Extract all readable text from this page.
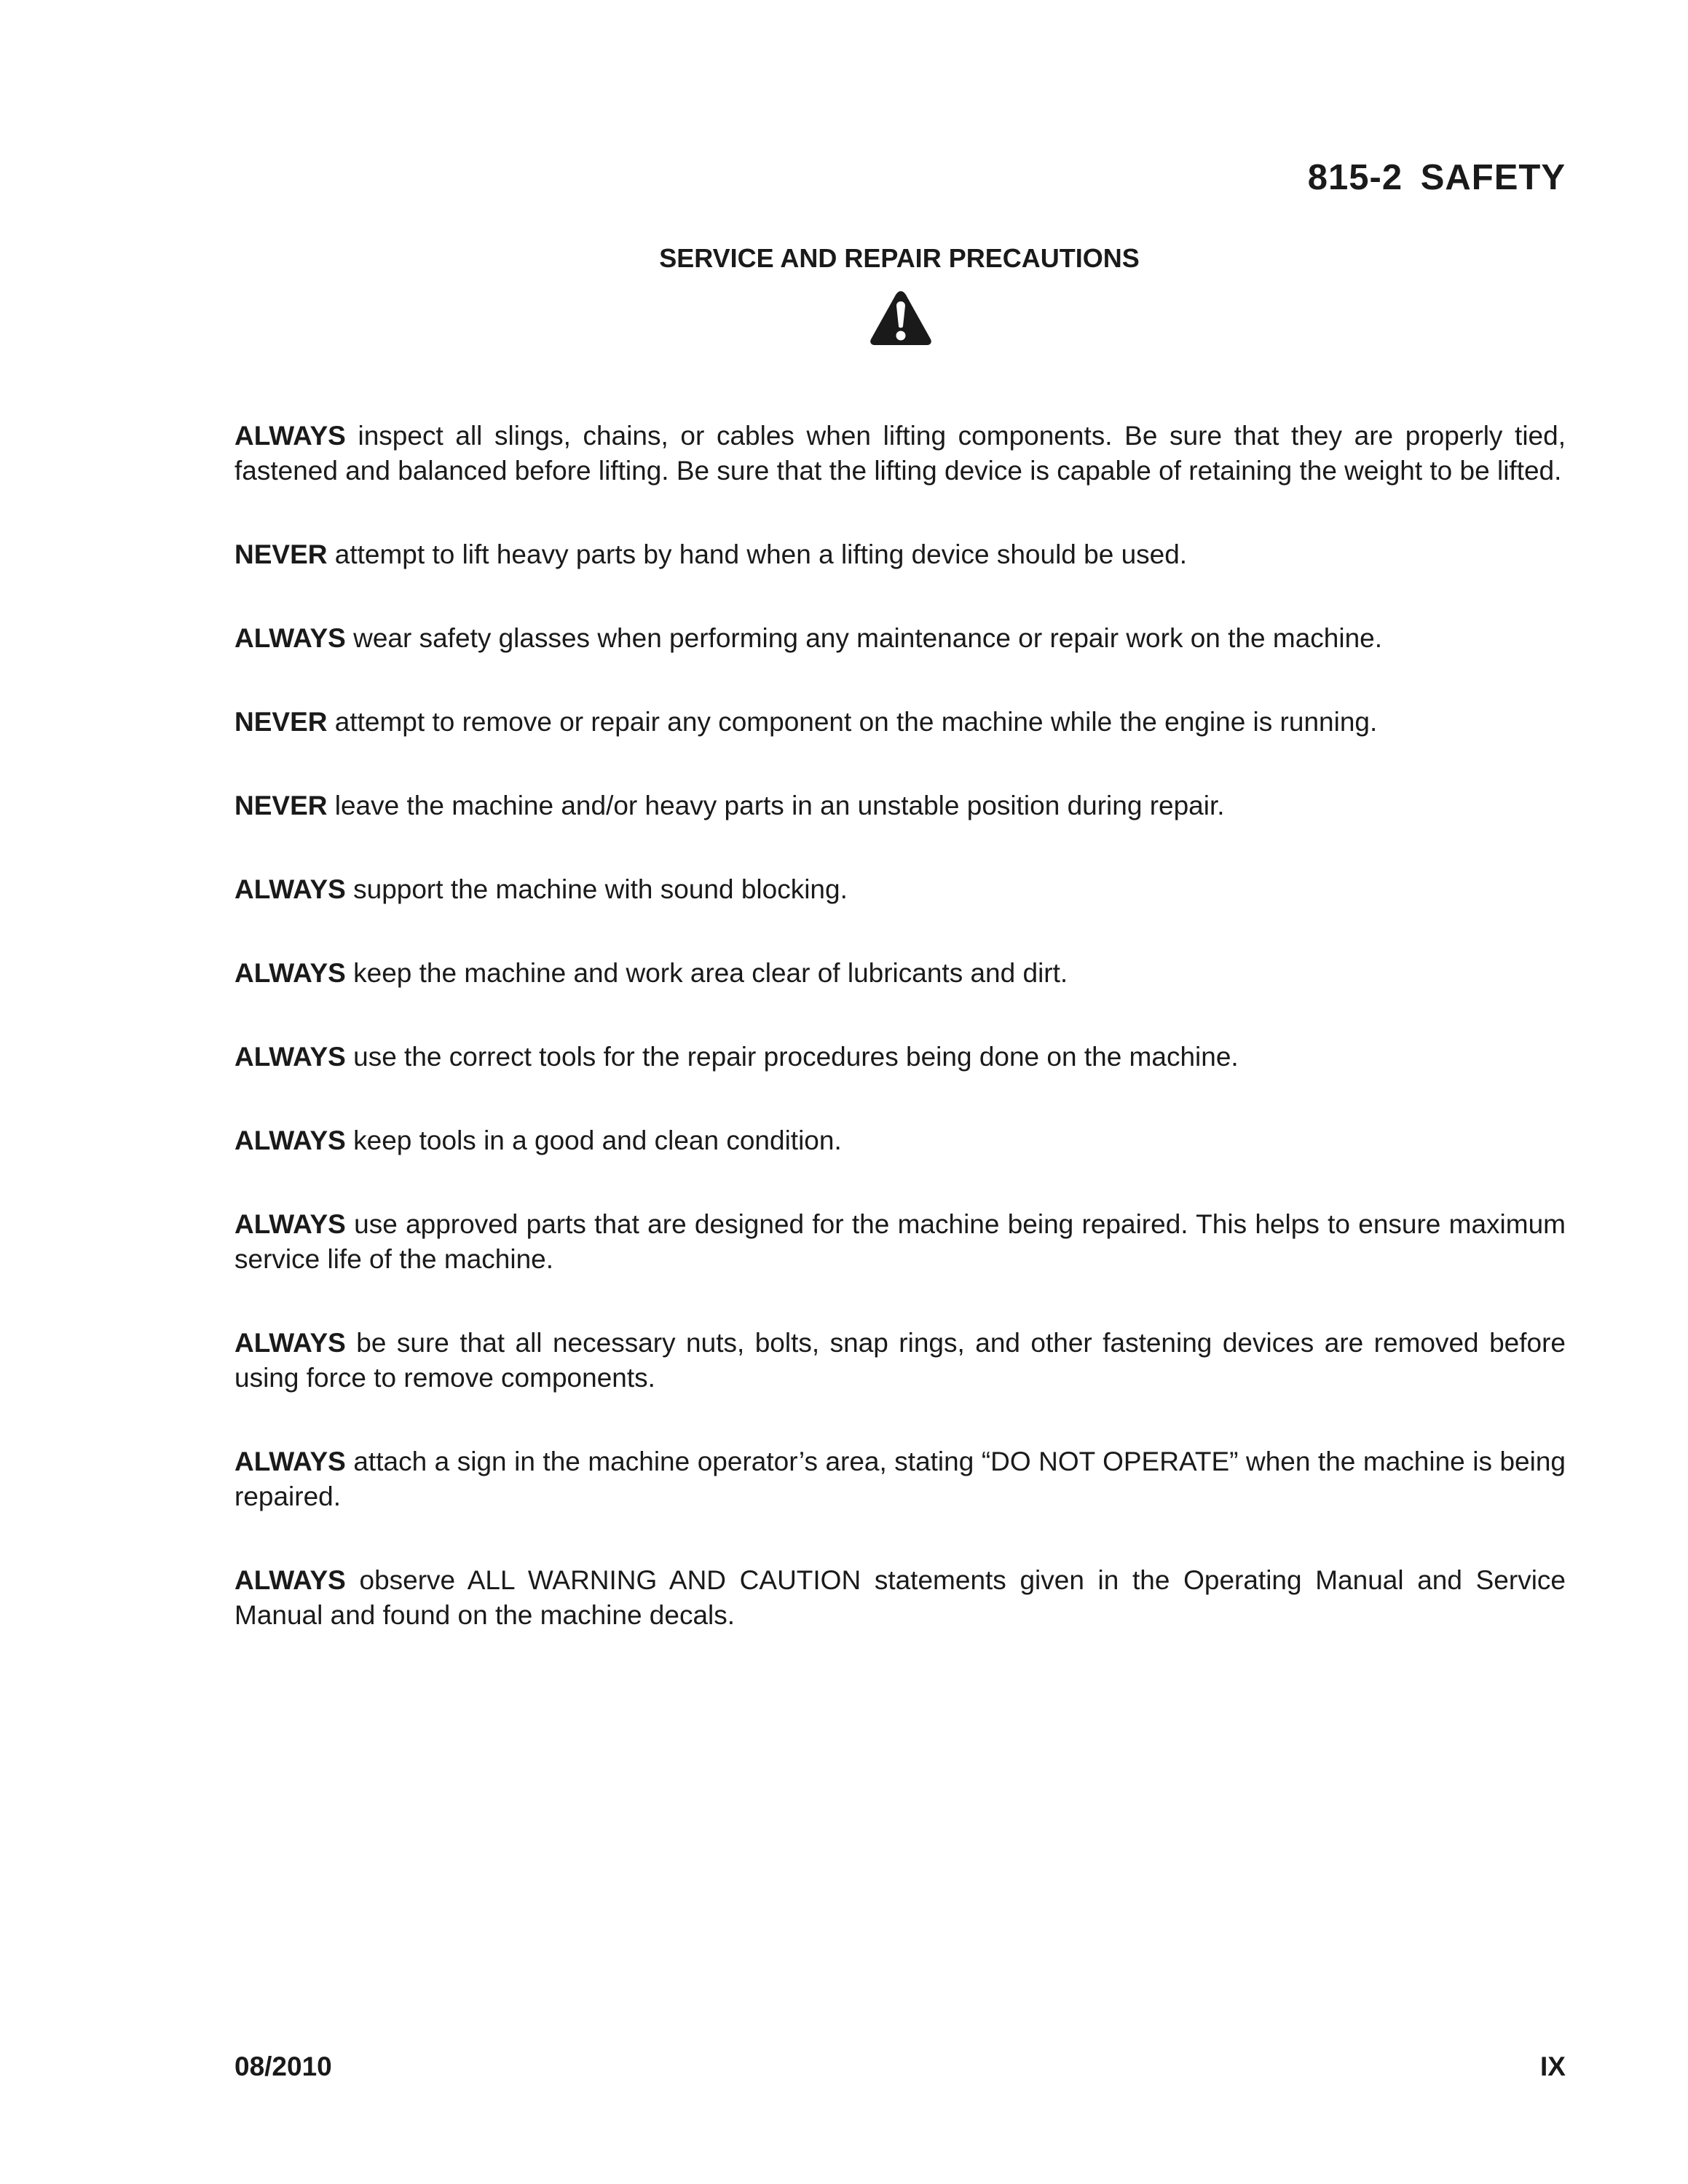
815-2 SAFETY
SERVICE AND REPAIR PRECAUTIONS

ALWAYS inspect all slings, chains, or cables when lifting components. Be sure that they are properly tied, fastened and balanced before lifting. Be sure that the lifting device is capable of retaining the weight to be lifted.

NEVER attempt to lift heavy parts by hand when a lifting device should be used.

ALWAYS wear safety glasses when performing any maintenance or repair work on the machine.

NEVER attempt to remove or repair any component on the machine while the engine is running.

NEVER leave the machine and/or heavy parts in an unstable position during repair.

ALWAYS support the machine with sound blocking.

ALWAYS keep the machine and work area clear of lubricants and dirt.

ALWAYS use the correct tools for the repair procedures being done on the machine.

ALWAYS keep tools in a good and clean condition.

ALWAYS use approved parts that are designed for the machine being repaired. This helps to ensure maximum service life of the machine.

ALWAYS be sure that all necessary nuts, bolts, snap rings, and other fastening devices are removed before using force to remove components.

ALWAYS attach a sign in the machine operator’s area, stating “DO NOT OPERATE” when the machine is being repaired.

ALWAYS observe ALL WARNING AND CAUTION statements given in the Operating Manual and Service Manual and found on the machine decals.

08/2010	IX
